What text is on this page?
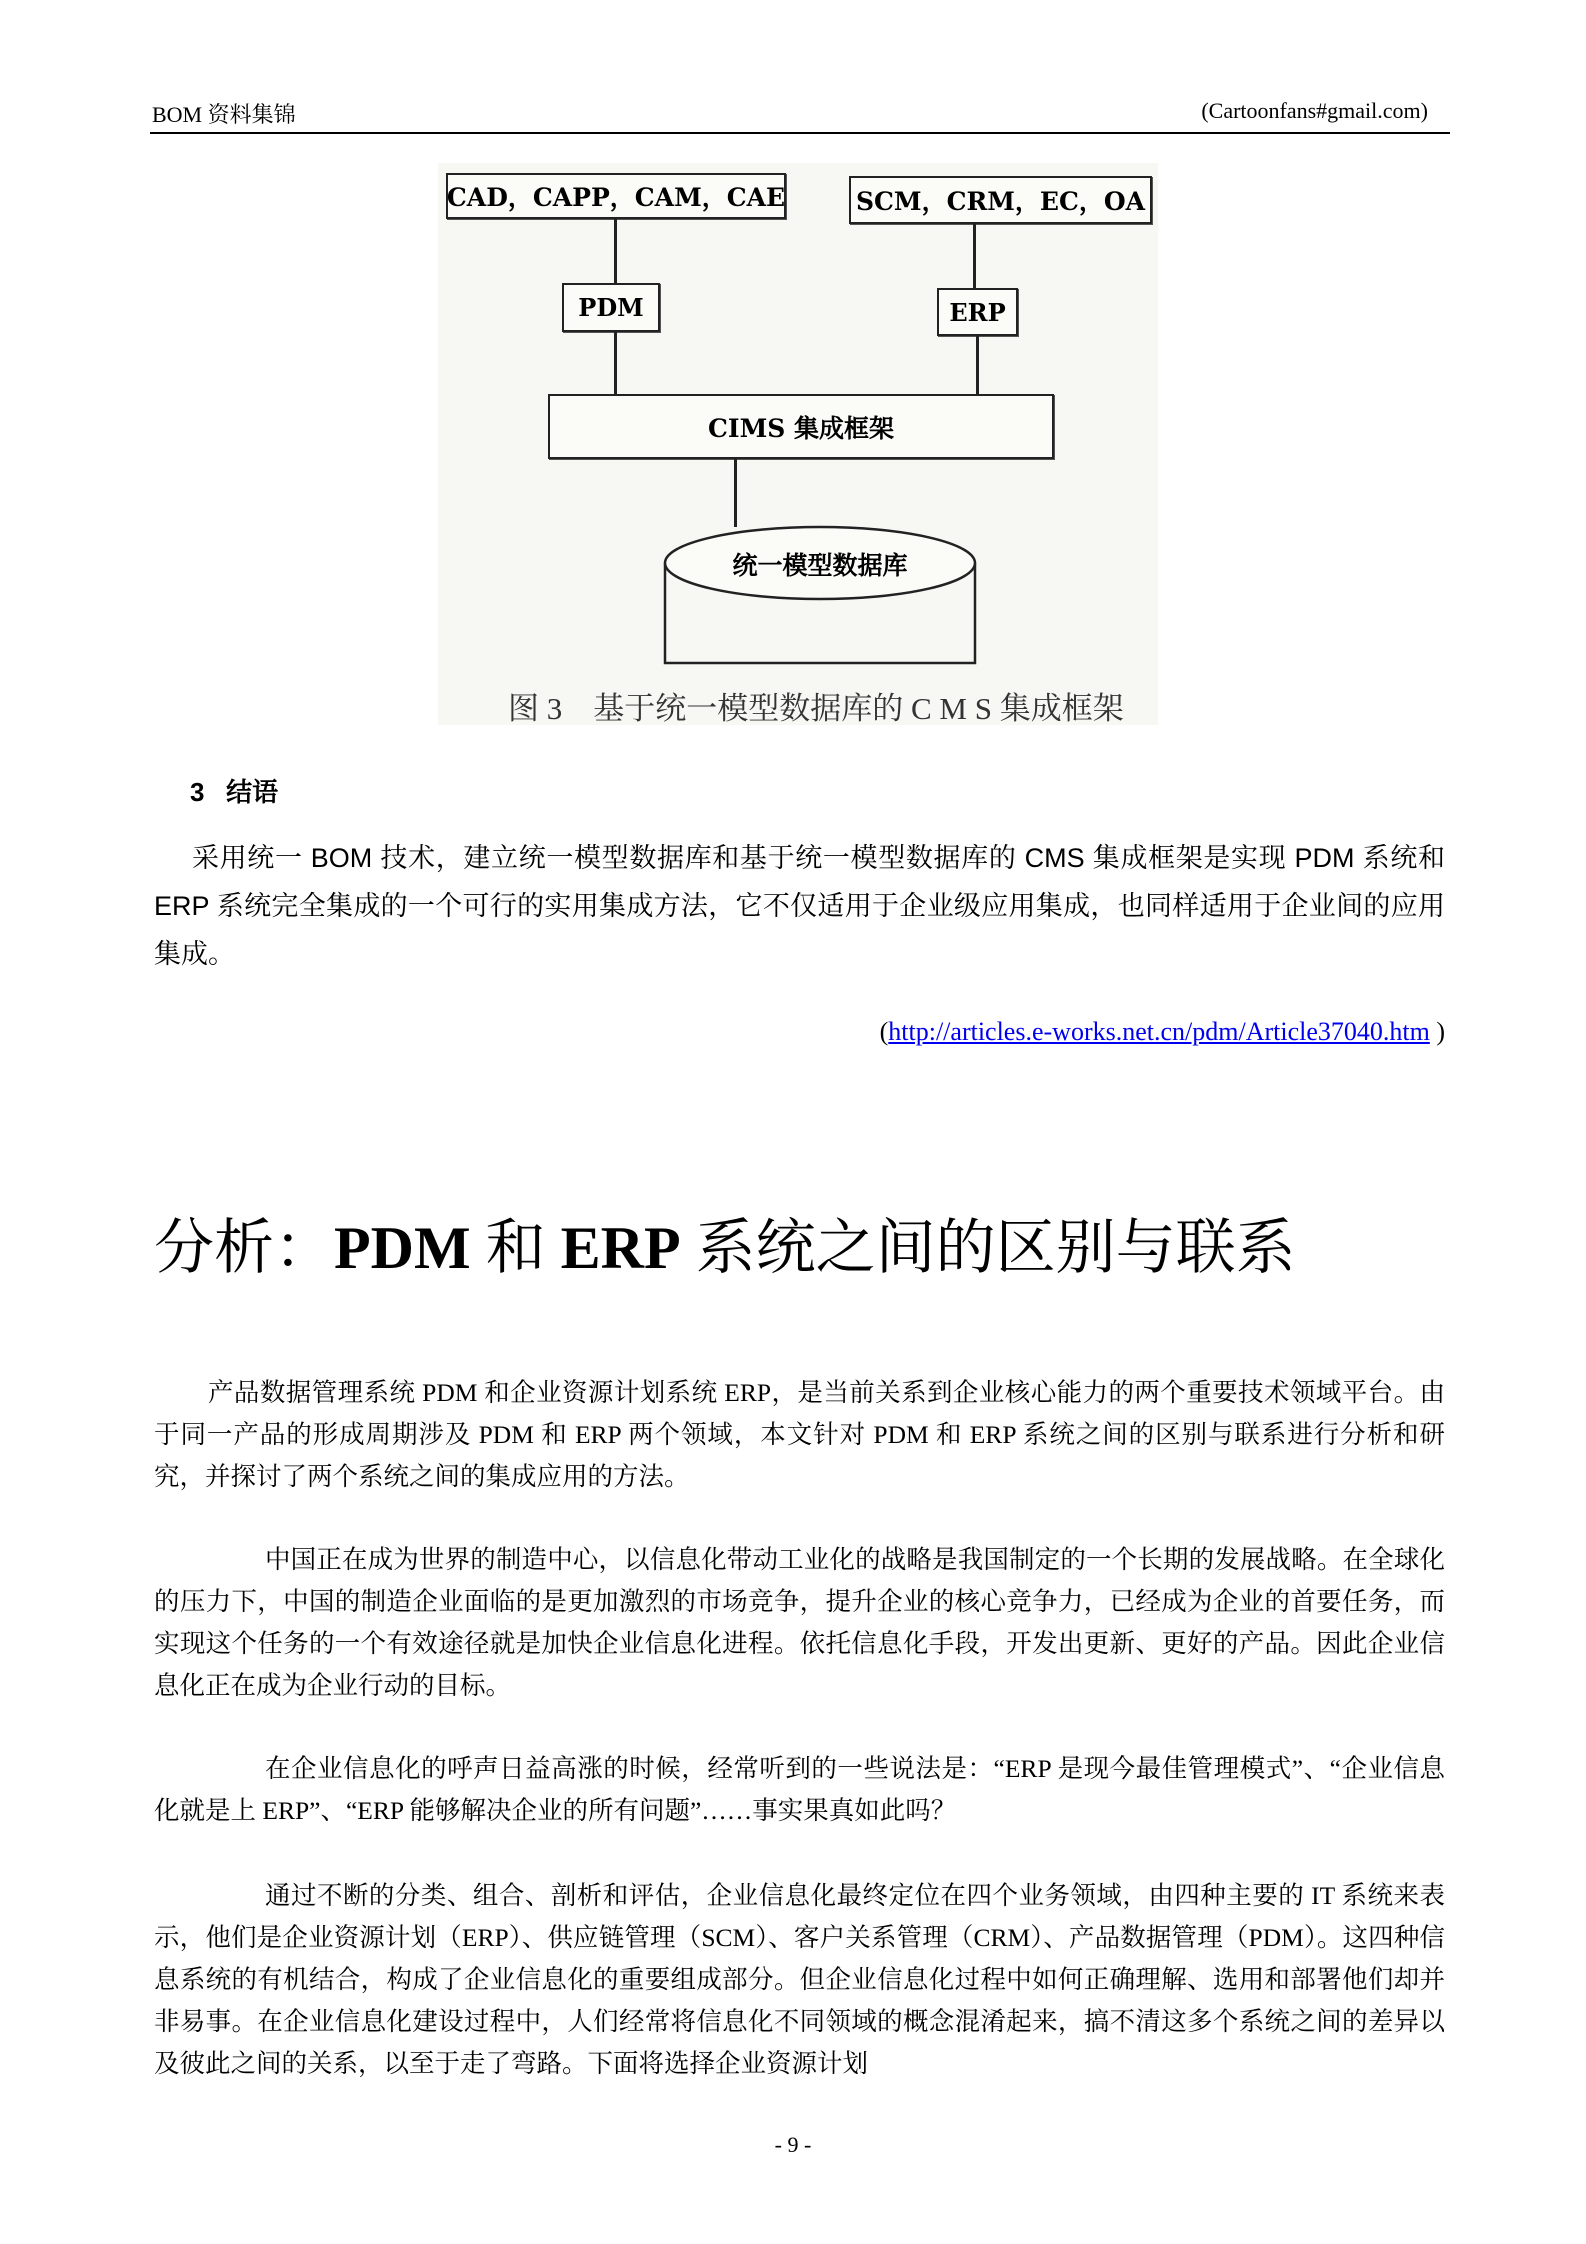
BOM 资料集锦	(Cartoonfans#gmail.com)
CAD，CAPP，CAM，CAE	SCM，CRM，EC，OA
PDM	ERP
CIMS 集成框架
统一模型数据库
图 3　基于统一模型数据库的 C M S 集成框架
3 结语
采用统一 BOM 技术，建立统一模型数据库和基于统一模型数据库的 CMS 集成框架是实现 PDM 系统和 ERP 系统完全集成的一个可行的实用集成方法，它不仅适用于企业级应用集成，也同样适用于企业间的应用集成。
(http://articles.e-works.net.cn/pdm/Article37040.htm )
分析：PDM 和 ERP 系统之间的区别与联系
产品数据管理系统 PDM 和企业资源计划系统 ERP，是当前关系到企业核心能力的两个重要技术领域平台。由于同一产品的形成周期涉及 PDM 和 ERP 两个领域，本文针对 PDM 和 ERP 系统之间的区别与联系进行分析和研究，并探讨了两个系统之间的集成应用的方法。
中国正在成为世界的制造中心，以信息化带动工业化的战略是我国制定的一个长期的发展战略。在全球化的压力下，中国的制造企业面临的是更加激烈的市场竞争，提升企业的核心竞争力，已经成为企业的首要任务，而实现这个任务的一个有效途径就是加快企业信息化进程。依托信息化手段，开发出更新、更好的产品。因此企业信息化正在成为企业行动的目标。
在企业信息化的呼声日益高涨的时候，经常听到的一些说法是：“ERP 是现今最佳管理模式”、“企业信息化就是上 ERP”、“ERP 能够解决企业的所有问题”……事实果真如此吗？
通过不断的分类、组合、剖析和评估，企业信息化最终定位在四个业务领域，由四种主要的 IT 系统来表示，他们是企业资源计划（ERP）、供应链管理（SCM）、客户关系管理（CRM）、产品数据管理（PDM）。这四种信息系统的有机结合，构成了企业信息化的重要组成部分。但企业信息化过程中如何正确理解、选用和部署他们却并非易事。在企业信息化建设过程中，人们经常将信息化不同领域的概念混淆起来，搞不清这多个系统之间的差异以及彼此之间的关系，以至于走了弯路。下面将选择企业资源计划
- 9 -
